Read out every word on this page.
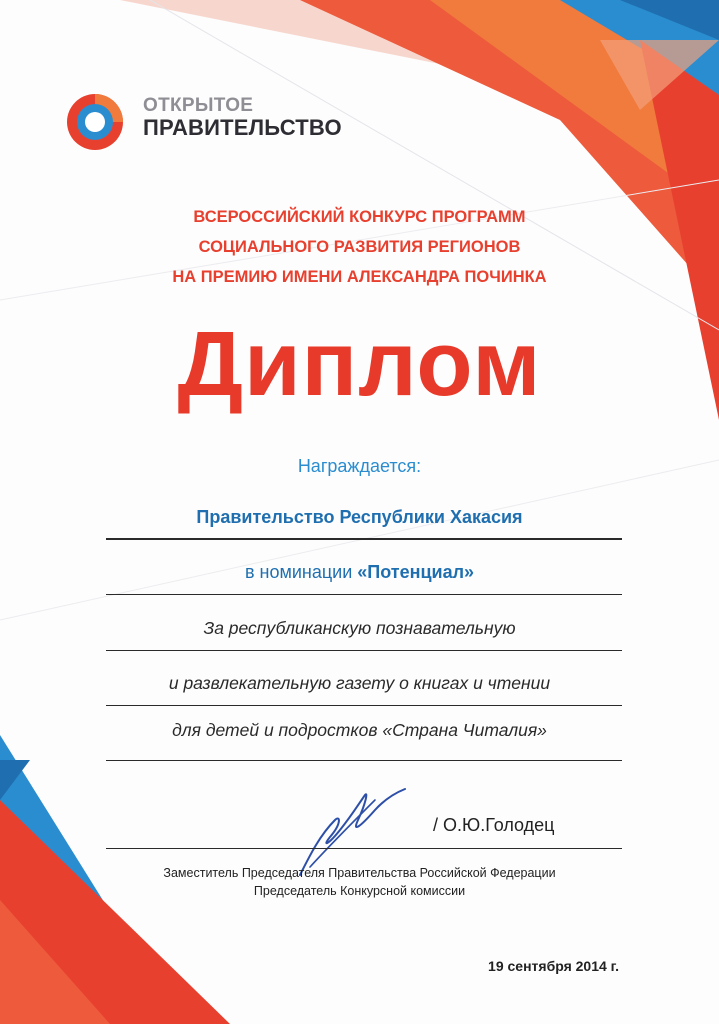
ОТКРЫТОЕ
ПРАВИТЕЛЬСТВО
ВСЕРОССИЙСКИЙ КОНКУРС ПРОГРАММ
СОЦИАЛЬНОГО РАЗВИТИЯ РЕГИОНОВ
НА ПРЕМИЮ ИМЕНИ АЛЕКСАНДРА ПОЧИНКА
Диплом
Награждается:
Правительство Республики Хакасия
в номинации «Потенциал»
За республиканскую познавательную
и развлекательную газету о книгах и чтении
для детей и подростков «Страна Читалия»
/ О.Ю.Голодец
Заместитель Председателя Правительства Российской Федерации
Председатель Конкурсной комиссии
19 сентября 2014 г.
